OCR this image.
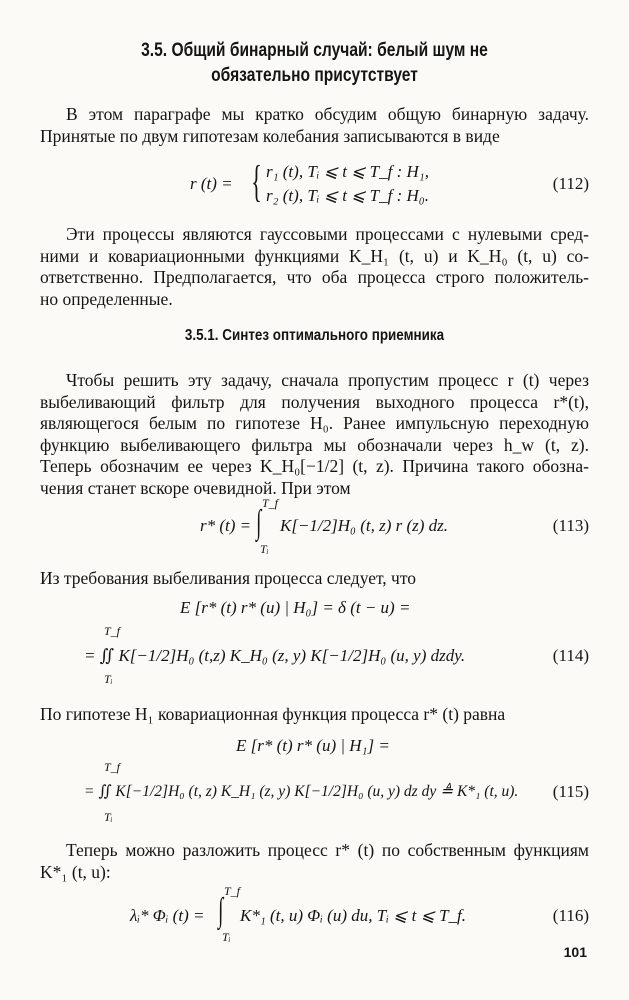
3.5. Общий бинарный случай: белый шум не
обязательно присутствует
В этом параграфе мы кратко обсудим общую бинарную задачу.
Принятые по двум гипотезам колебания записываются в виде
r (t) = { r₁ (t), Tᵢ ⩽ t ⩽ T_f : H₁,
r₂ (t), Tᵢ ⩽ t ⩽ T_f : H₀.
(112)
Эти процессы являются гауссовыми процессами с нулевыми сред-
ними и ковариационными функциями K_H₁ (t, u) и K_H₀ (t, u) со-
ответственно. Предполагается, что оба процесса строго положитель-
но определенные.
3.5.1. Синтез оптимального приемника
Чтобы решить эту задачу, сначала пропустим процесс r (t) через
выбеливающий фильтр для получения выходного процесса r*(t),
являющегося белым по гипотезе H₀. Ранее импульсную переходную
функцию выбеливающего фильтра мы обозначали через h_w (t, z).
Теперь обозначим ее через K_H₀[−1/2] (t, z). Причина такого обозна-
чения станет вскоре очевидной. При этом
r* (t) =
T_f
∫
Tᵢ
K[−1/2]H₀ (t, z) r (z) dz.	(113)
Из требования выбеливания процесса следует, что
E [r* (t) r* (u) | H₀] = δ (t − u) =
T_f
Tᵢ
= ∬ K[−1/2]H₀ (t,z) K_H₀ (z, y) K[−1/2]H₀ (u, y) dzdy.	(114)
По гипотезе H₁ ковариационная функция процесса r* (t) равна
E [r* (t) r* (u) | H₁] =
T_f
Tᵢ
= ∬ K[−1/2]H₀ (t, z) K_H₁ (z, y) K[−1/2]H₀ (u, y) dz dy ≜ K*₁ (t, u). (115)
Теперь можно разложить процесс r* (t) по собственным функциям
K*₁ (t, u):
λᵢ* Φᵢ (t) =
T_f
∫
Tᵢ
K*₁ (t, u) Φᵢ (u) du, Tᵢ ⩽ t ⩽ T_f.	(116)
101
